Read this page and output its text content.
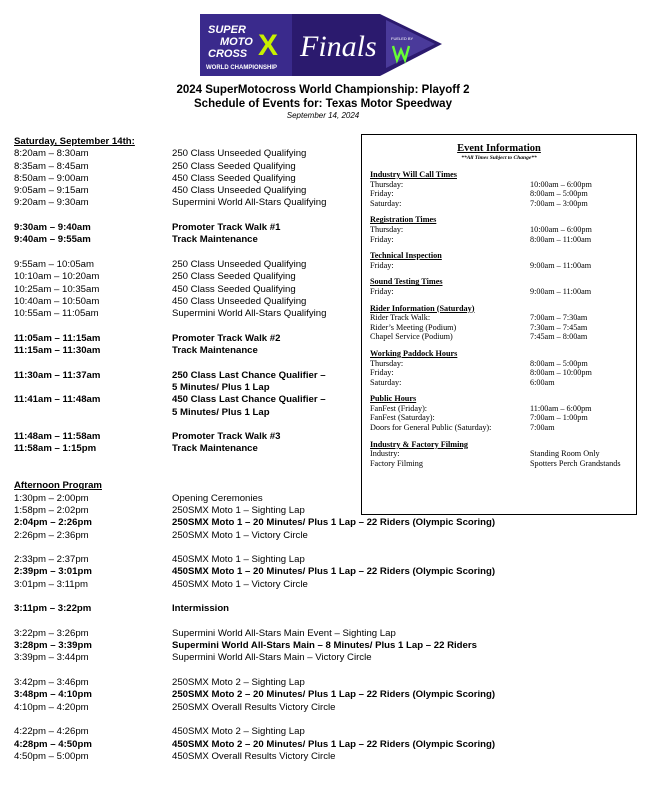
SUPER
MOTO
CROSS X
WORLD CHAMPIONSHIP
Finals	FUELED BY
2024 SuperMotocross World Championship: Playoff 2
Schedule of Events for: Texas Motor Speedway
September 14, 2024
Saturday, September 14th:
8:20am – 8:30am	250 Class Unseeded Qualifying
8:35am – 8:45am	250 Class Seeded Qualifying
8:50am – 9:00am	450 Class Seeded Qualifying
9:05am – 9:15am	450 Class Unseeded Qualifying
9:20am – 9:30am	Supermini World All-Stars Qualifying
9:30am – 9:40am	Promoter Track Walk #1
9:40am – 9:55am	Track Maintenance
9:55am – 10:05am	250 Class Unseeded Qualifying
10:10am – 10:20am	250 Class Seeded Qualifying
10:25am – 10:35am	450 Class Seeded Qualifying
10:40am – 10:50am	450 Class Unseeded Qualifying
10:55am – 11:05am	Supermini World All-Stars Qualifying
11:05am – 11:15am	Promoter Track Walk #2
11:15am – 11:30am	Track Maintenance
11:30am – 11:37am	250 Class Last Chance Qualifier –
5 Minutes/ Plus 1 Lap
11:41am – 11:48am	450 Class Last Chance Qualifier –
5 Minutes/ Plus 1 Lap
11:48am – 11:58am	Promoter Track Walk #3
11:58am – 1:15pm	Track Maintenance
Afternoon Program
1:30pm – 2:00pm	Opening Ceremonies
1:58pm – 2:02pm	250SMX Moto 1 – Sighting Lap
2:04pm – 2:26pm	250SMX Moto 1 – 20 Minutes/ Plus 1 Lap – 22 Riders (Olympic Scoring)
2:26pm – 2:36pm	250SMX Moto 1 – Victory Circle
2:33pm – 2:37pm	450SMX Moto 1 – Sighting Lap
2:39pm – 3:01pm	450SMX Moto 1 – 20 Minutes/ Plus 1 Lap – 22 Riders (Olympic Scoring)
3:01pm – 3:11pm	450SMX Moto 1 – Victory Circle
3:11pm – 3:22pm	Intermission
3:22pm – 3:26pm	Supermini World All-Stars Main Event – Sighting Lap
3:28pm – 3:39pm	Supermini World All-Stars Main – 8 Minutes/ Plus 1 Lap – 22 Riders
3:39pm – 3:44pm	Supermini World All-Stars Main – Victory Circle
3:42pm – 3:46pm	250SMX Moto 2 – Sighting Lap
3:48pm – 4:10pm	250SMX Moto 2 – 20 Minutes/ Plus 1 Lap – 22 Riders (Olympic Scoring)
4:10pm – 4:20pm	250SMX Overall Results Victory Circle
4:22pm – 4:26pm	450SMX Moto 2 – Sighting Lap
4:28pm – 4:50pm	450SMX Moto 2 – 20 Minutes/ Plus 1 Lap – 22 Riders (Olympic Scoring)
4:50pm – 5:00pm	450SMX Overall Results Victory Circle
Event Information
**All Times Subject to Change**
Industry Will Call Times
Thursday:	10:00am – 6:00pm
Friday:	8:00am – 5:00pm
Saturday:	7:00am – 3:00pm
Registration Times
Thursday:	10:00am – 6:00pm
Friday:	8:00am – 11:00am
Technical Inspection
Friday:	9:00am – 11:00am
Sound Testing Times
Friday:	9:00am – 11:00am
Rider Information (Saturday)
Rider Track Walk:	7:00am – 7:30am
Rider’s Meeting (Podium)	7:30am – 7:45am
Chapel Service (Podium)	7:45am – 8:00am
Working Paddock Hours
Thursday:	8:00am – 5:00pm
Friday:	8:00am – 10:00pm
Saturday:	6:00am
Public Hours
FanFest (Friday):	11:00am – 6:00pm
FanFest (Saturday):	7:00am – 1:00pm
Doors for General Public (Saturday):	7:00am
Industry & Factory Filming
Industry:	Standing Room Only
Factory Filming	Spotters Perch Grandstands
